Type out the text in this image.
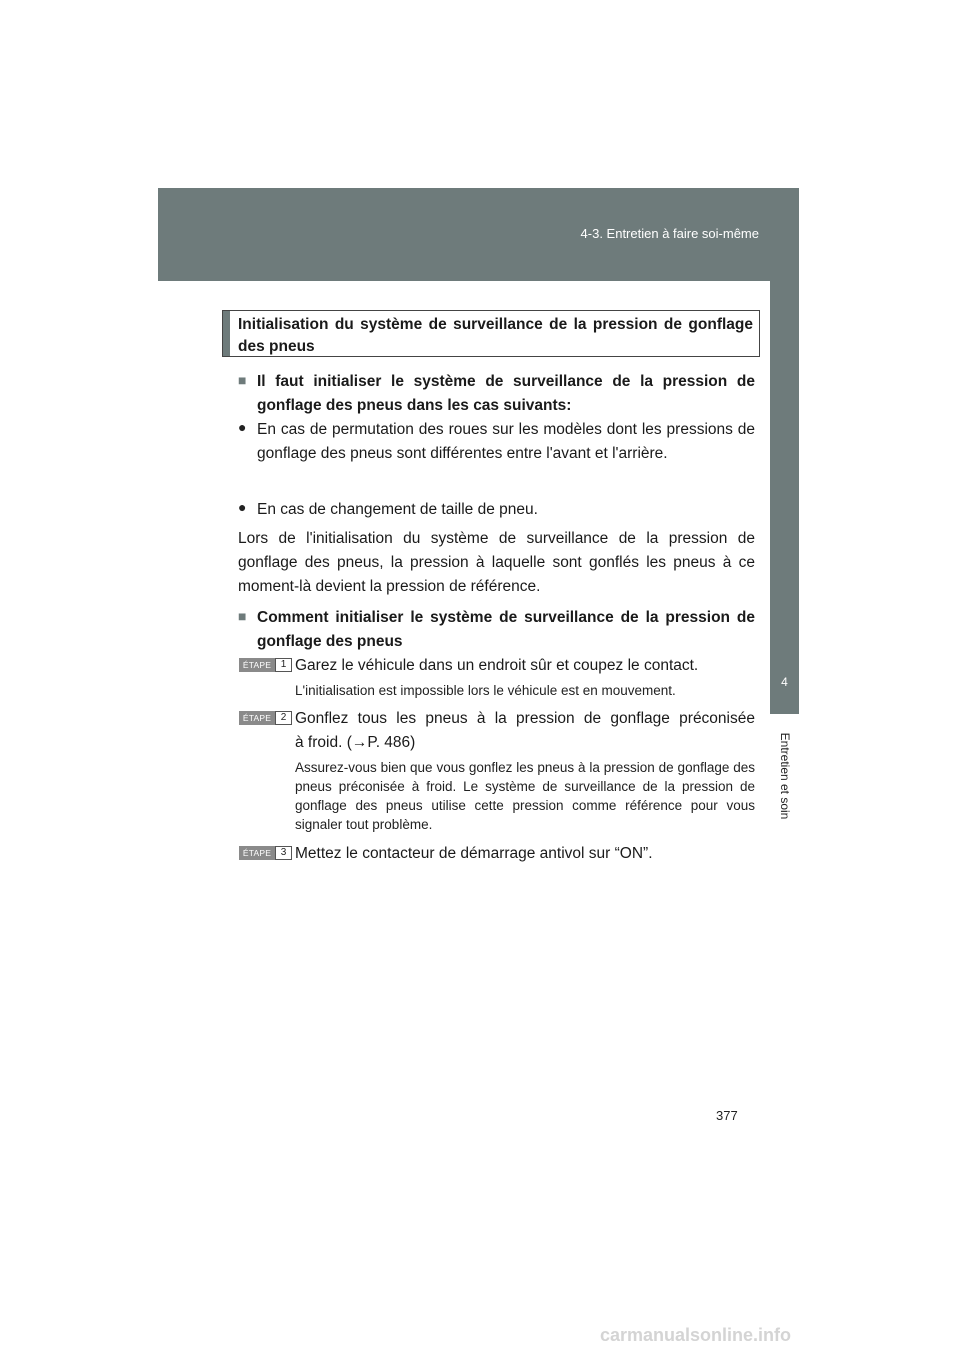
4-3. Entretien à faire soi-même
4
Entretien et soin
Initialisation du système de surveillance de la pression de gonflage des pneus
■ Il faut initialiser le système de surveillance de la pression de gonflage des pneus dans les cas suivants:
● En cas de permutation des roues sur les modèles dont les pressions de gonflage des pneus sont différentes entre l'avant et l'arrière.
● En cas de changement de taille de pneu.
Lors de l'initialisation du système de surveillance de la pression de gonflage des pneus, la pression à laquelle sont gonflés les pneus à ce moment-là devient la pression de référence.
■ Comment initialiser le système de surveillance de la pression de gonflage des pneus
ÉTAPE 1 Garez le véhicule dans un endroit sûr et coupez le contact.
L'initialisation est impossible lors le véhicule est en mouvement.
ÉTAPE 2 Gonflez tous les pneus à la pression de gonflage préconisée
à froid. (→P. 486)
Assurez-vous bien que vous gonflez les pneus à la pression de gonflage des pneus préconisée à froid. Le système de surveillance de la pression de gonflage des pneus utilise cette pression comme référence pour vous signaler tout problème.
ÉTAPE 3 Mettez le contacteur de démarrage antivol sur “ON”.
377
carmanualsonline.info
